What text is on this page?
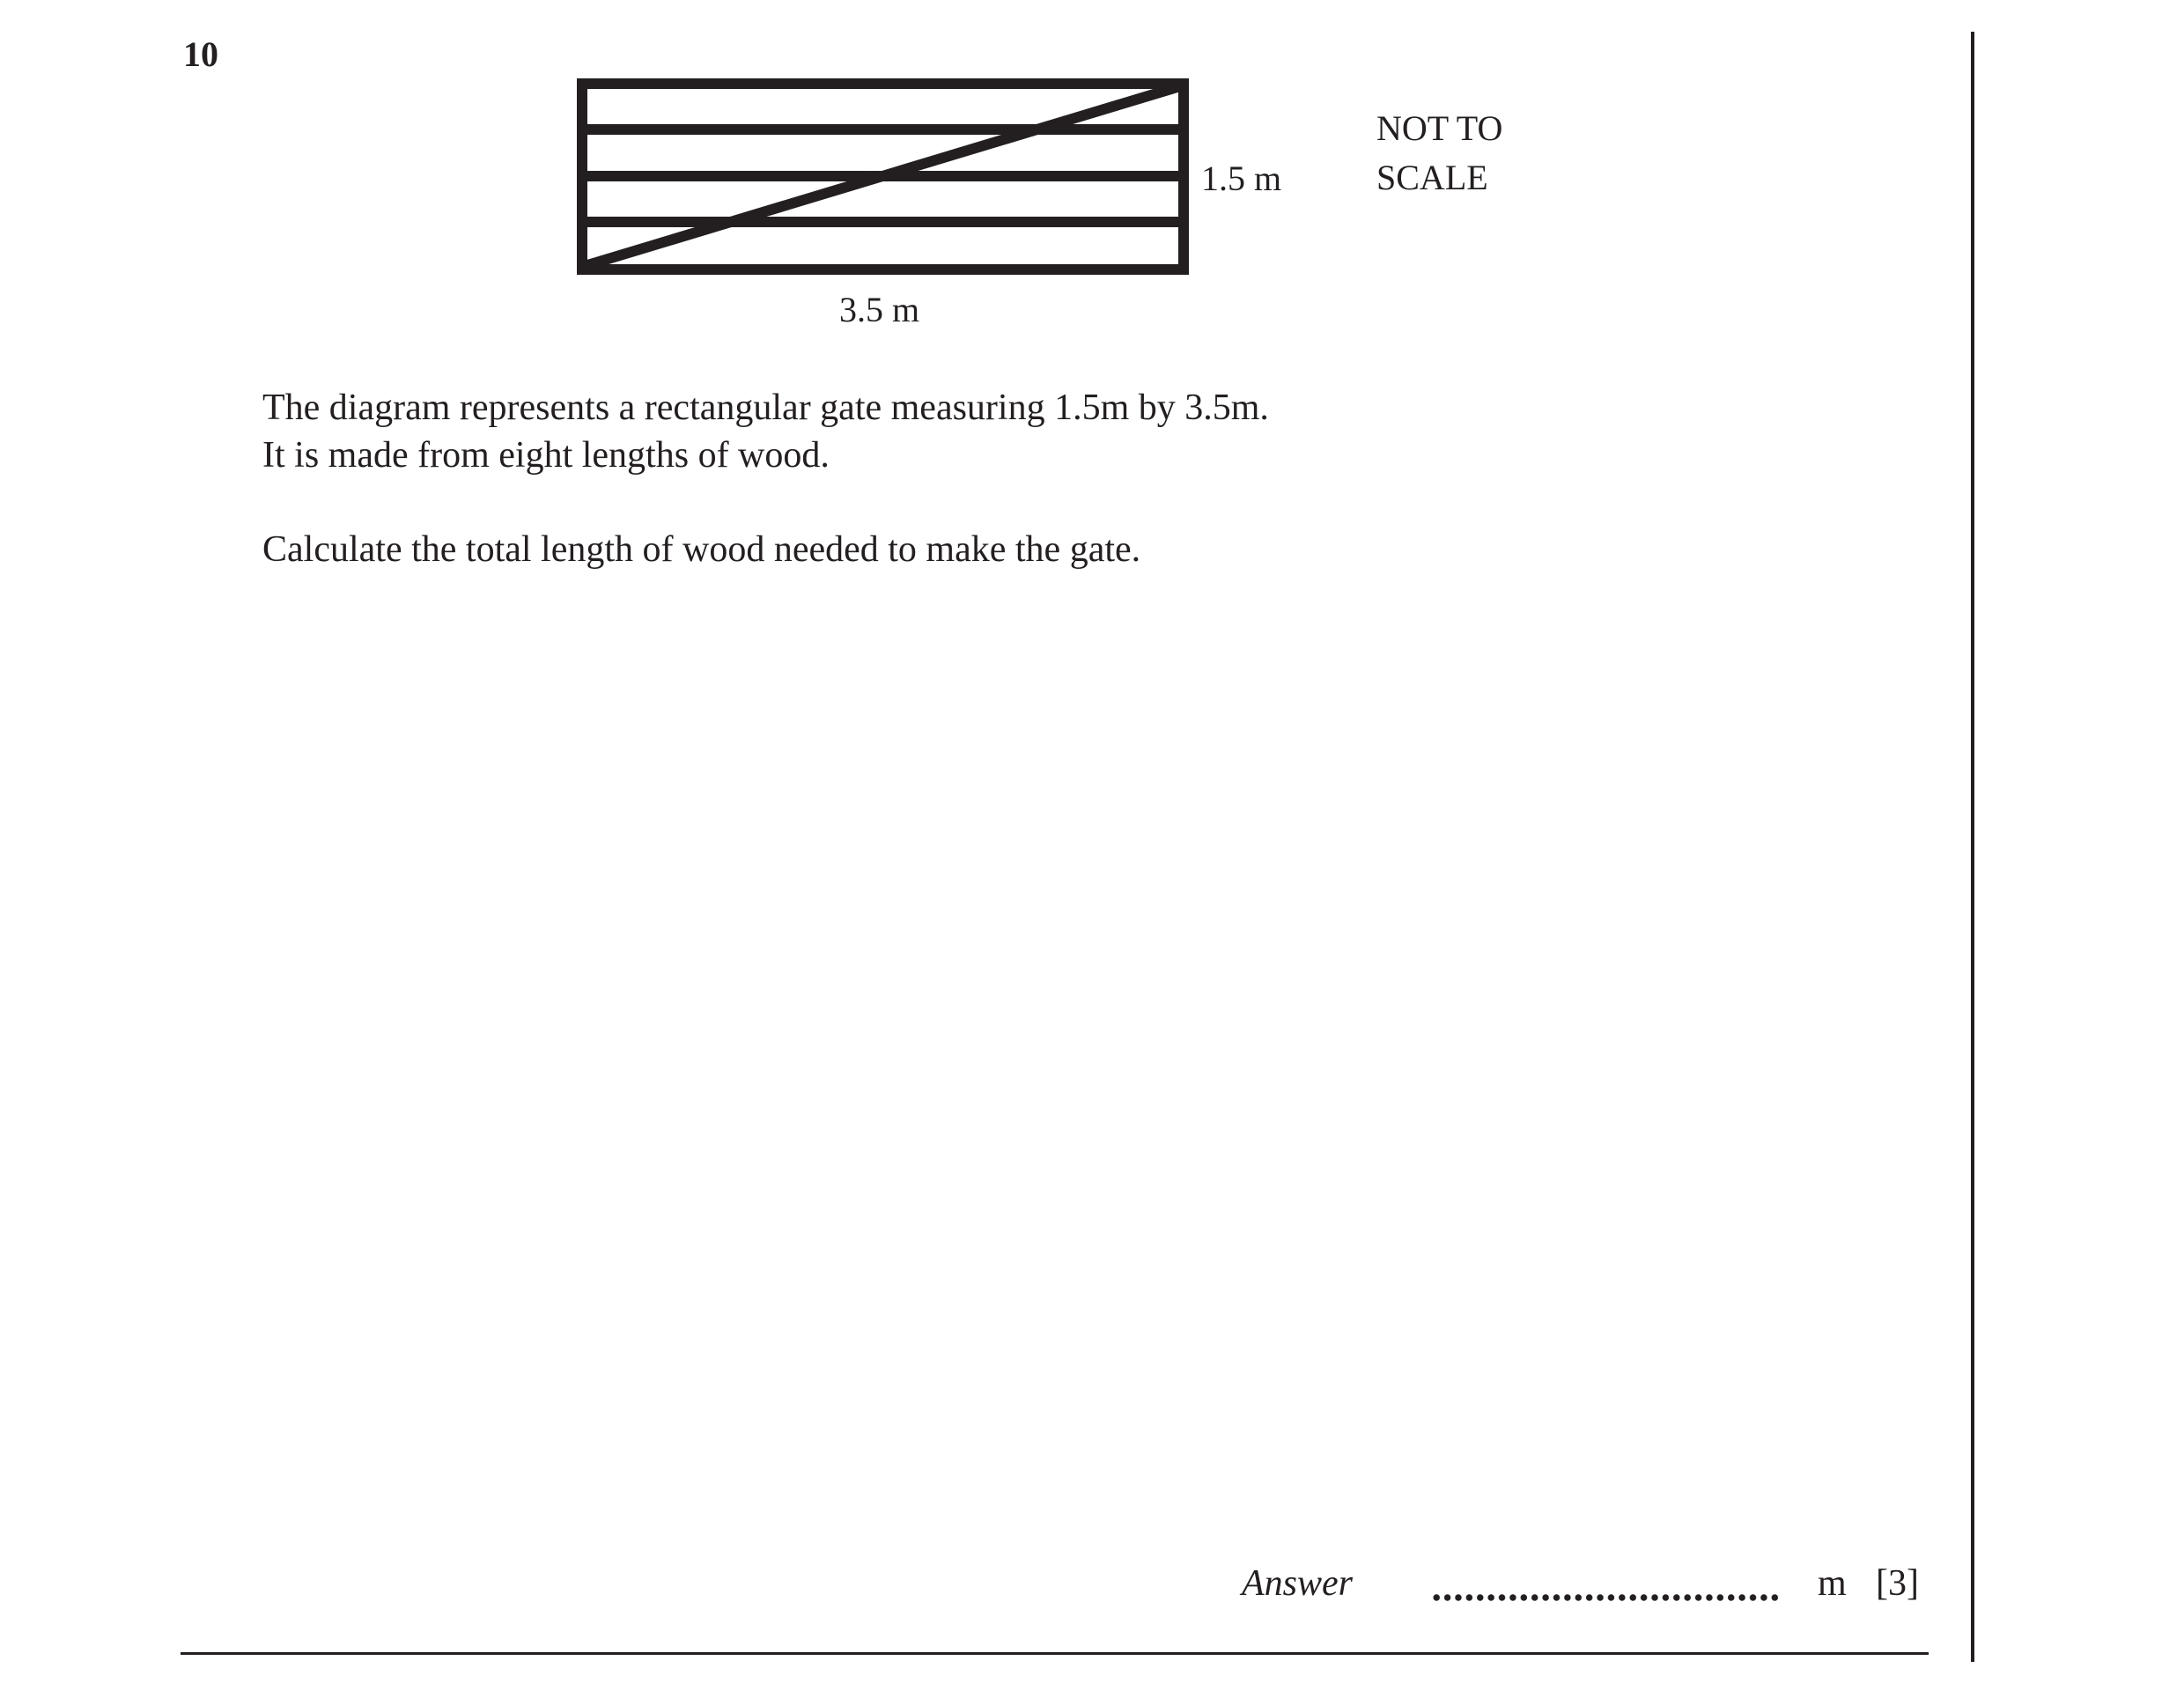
10
1.5 m
3.5 m
NOT TO
SCALE

The diagram represents a rectangular gate measuring 1.5m by 3.5m.

It is made from eight lengths of wood.

Calculate the total length of wood needed to make the gate.

Answer	m [3]
